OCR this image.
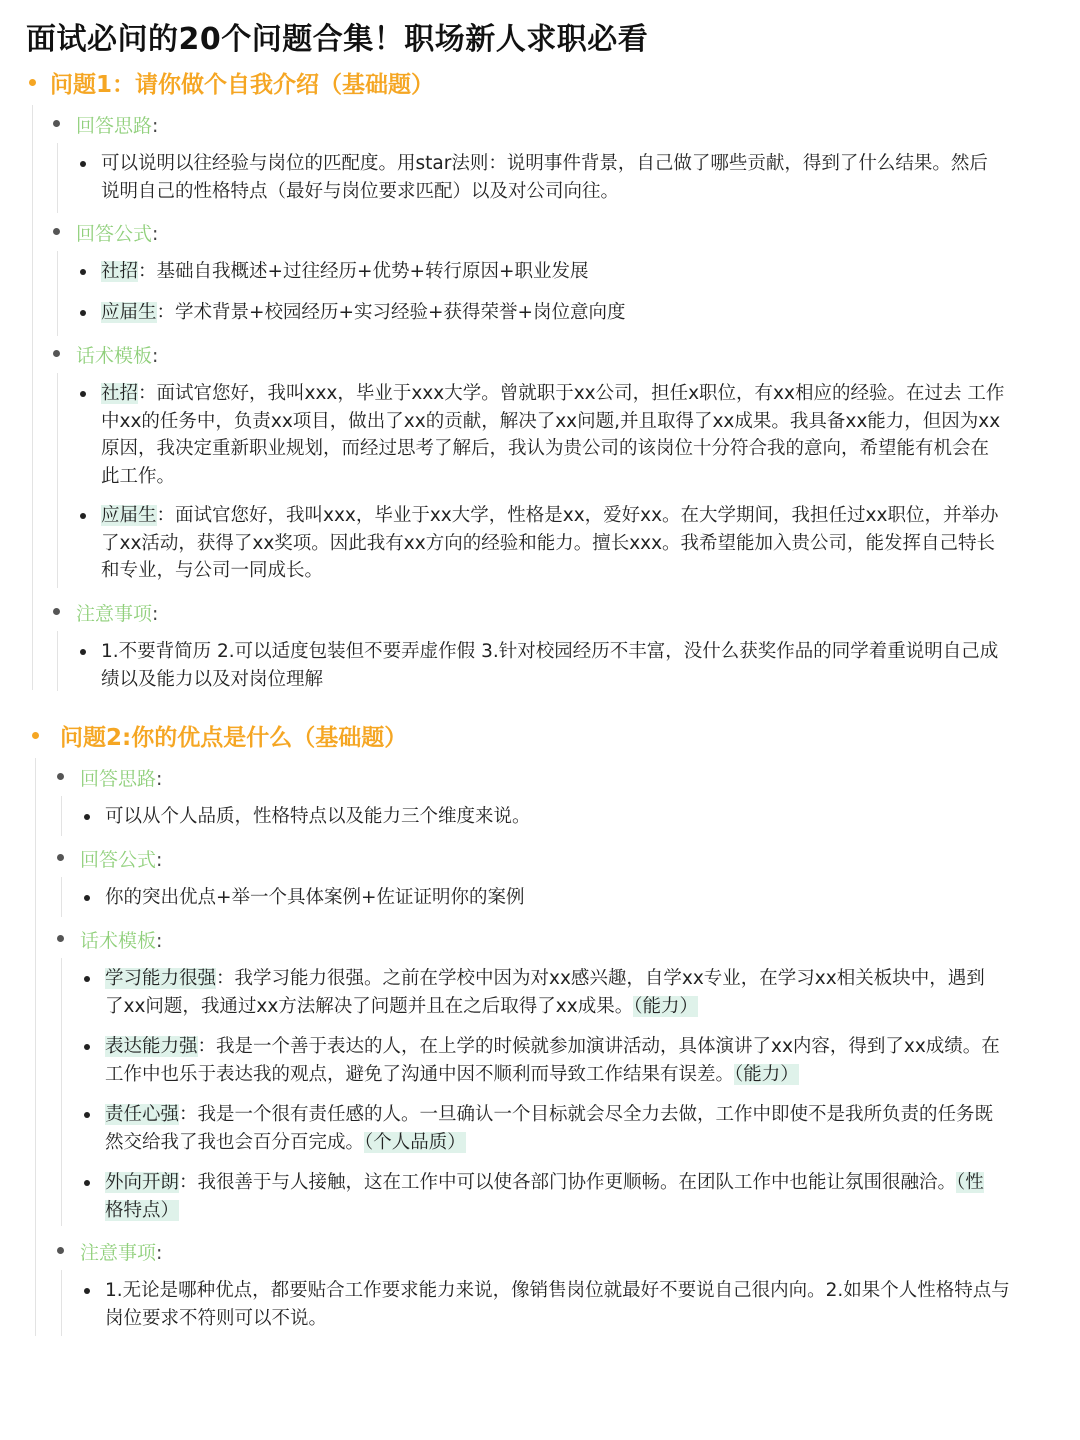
面试必问的20个问题合集！职场新人求职必看
问题1：请你做个自我介绍（基础题）
回答思路:
可以说明以往经验与岗位的匹配度。用star法则：说明事件背景，自己做了哪些贡献，得到了什么结果。然后说明自己的性格特点（最好与岗位要求匹配）以及对公司向往。
回答公式:
社招：基础自我概述+过往经历+优势+转行原因+职业发展
应届生：学术背景+校园经历+实习经验+获得荣誉+岗位意向度
话术模板:
社招：面试官您好，我叫xxx，毕业于xxx大学。曾就职于xx公司，担任x职位，有xx相应的经验。在过去 工作中xx的任务中，负责xx项目，做出了xx的贡献，解决了xx问题,并且取得了xx成果。我具备xx能力，但因为xx原因，我决定重新职业规划，而经过思考了解后，我认为贵公司的该岗位十分符合我的意向，希望能有机会在此工作。
应届生：面试官您好，我叫xxx，毕业于xx大学，性格是xx，爱好xx。在大学期间，我担任过xx职位，并举办了xx活动，获得了xx奖项。因此我有xx方向的经验和能力。擅长xxx。我希望能加入贵公司，能发挥自己特长和专业，与公司一同成长。
注意事项:
1.不要背简历 2.可以适度包装但不要弄虚作假 3.针对校园经历不丰富，没什么获奖作品的同学着重说明自己成绩以及能力以及对岗位理解
问题2:你的优点是什么（基础题）
回答思路:
可以从个人品质，性格特点以及能力三个维度来说。
回答公式:
你的突出优点+举一个具体案例+佐证证明你的案例
话术模板:
学习能力很强：我学习能力很强。之前在学校中因为对xx感兴趣，自学xx专业，在学习xx相关板块中，遇到了xx问题，我通过xx方法解决了问题并且在之后取得了xx成果。（能力）
表达能力强：我是一个善于表达的人，在上学的时候就参加演讲活动，具体演讲了xx内容，得到了xx成绩。在工作中也乐于表达我的观点，避免了沟通中因不顺利而导致工作结果有误差。（能力）
责任心强：我是一个很有责任感的人。一旦确认一个目标就会尽全力去做，工作中即使不是我所负责的任务既然交给我了我也会百分百完成。（个人品质）
外向开朗：我很善于与人接触，这在工作中可以使各部门协作更顺畅。在团队工作中也能让氛围很融洽。（性格特点）
注意事项:
1.无论是哪种优点，都要贴合工作要求能力来说，像销售岗位就最好不要说自己很内向。2.如果个人性格特点与岗位要求不符则可以不说。
